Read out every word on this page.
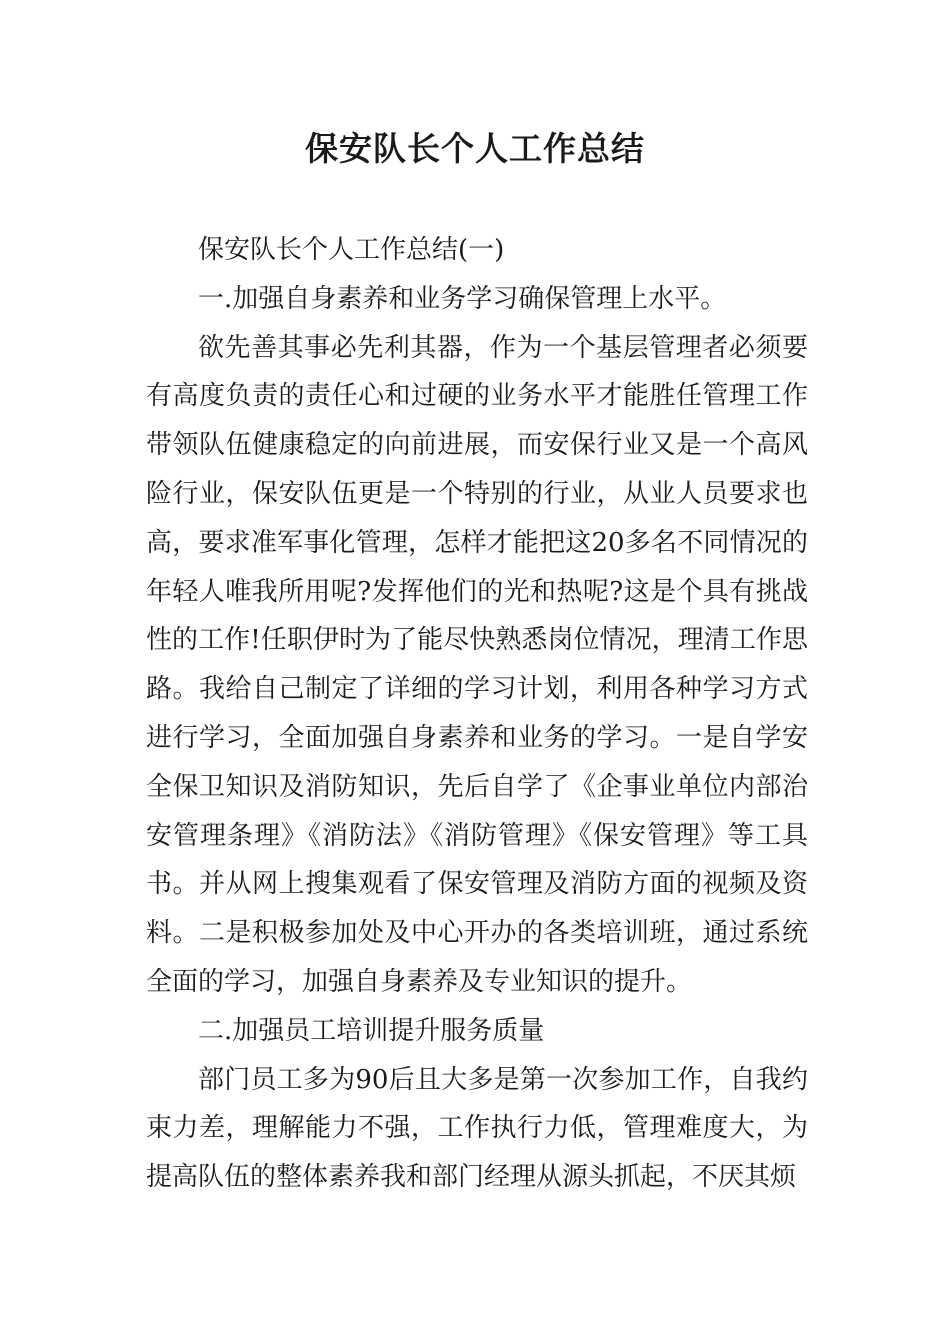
保安队长个人工作总结

保安队长个人工作总结(一)

一.加强自身素养和业务学习确保管理上水平。

欲先善其事必先利其器，作为一个基层管理者必须要有高度负责的责任心和过硬的业务水平才能胜任管理工作带领队伍健康稳定的向前进展，而安保行业又是一个高风险行业，保安队伍更是一个特别的行业，从业人员要求也高，要求准军事化管理，怎样才能把这20多名不同情况的年轻人唯我所用呢?发挥他们的光和热呢?这是个具有挑战性的工作!任职伊时为了能尽快熟悉岗位情况，理清工作思路。我给自己制定了详细的学习计划，利用各种学习方式进行学习，全面加强自身素养和业务的学习。一是自学安全保卫知识及消防知识，先后自学了《企事业单位内部治安管理条理》《消防法》《消防管理》《保安管理》等工具书。并从网上搜集观看了保安管理及消防方面的视频及资料。二是积极参加处及中心开办的各类培训班，通过系统全面的学习，加强自身素养及专业知识的提升。

二.加强员工培训提升服务质量

部门员工多为90后且大多是第一次参加工作，自我约束力差，理解能力不强，工作执行力低，管理难度大，为提高队伍的整体素养我和部门经理从源头抓起，不厌其烦
